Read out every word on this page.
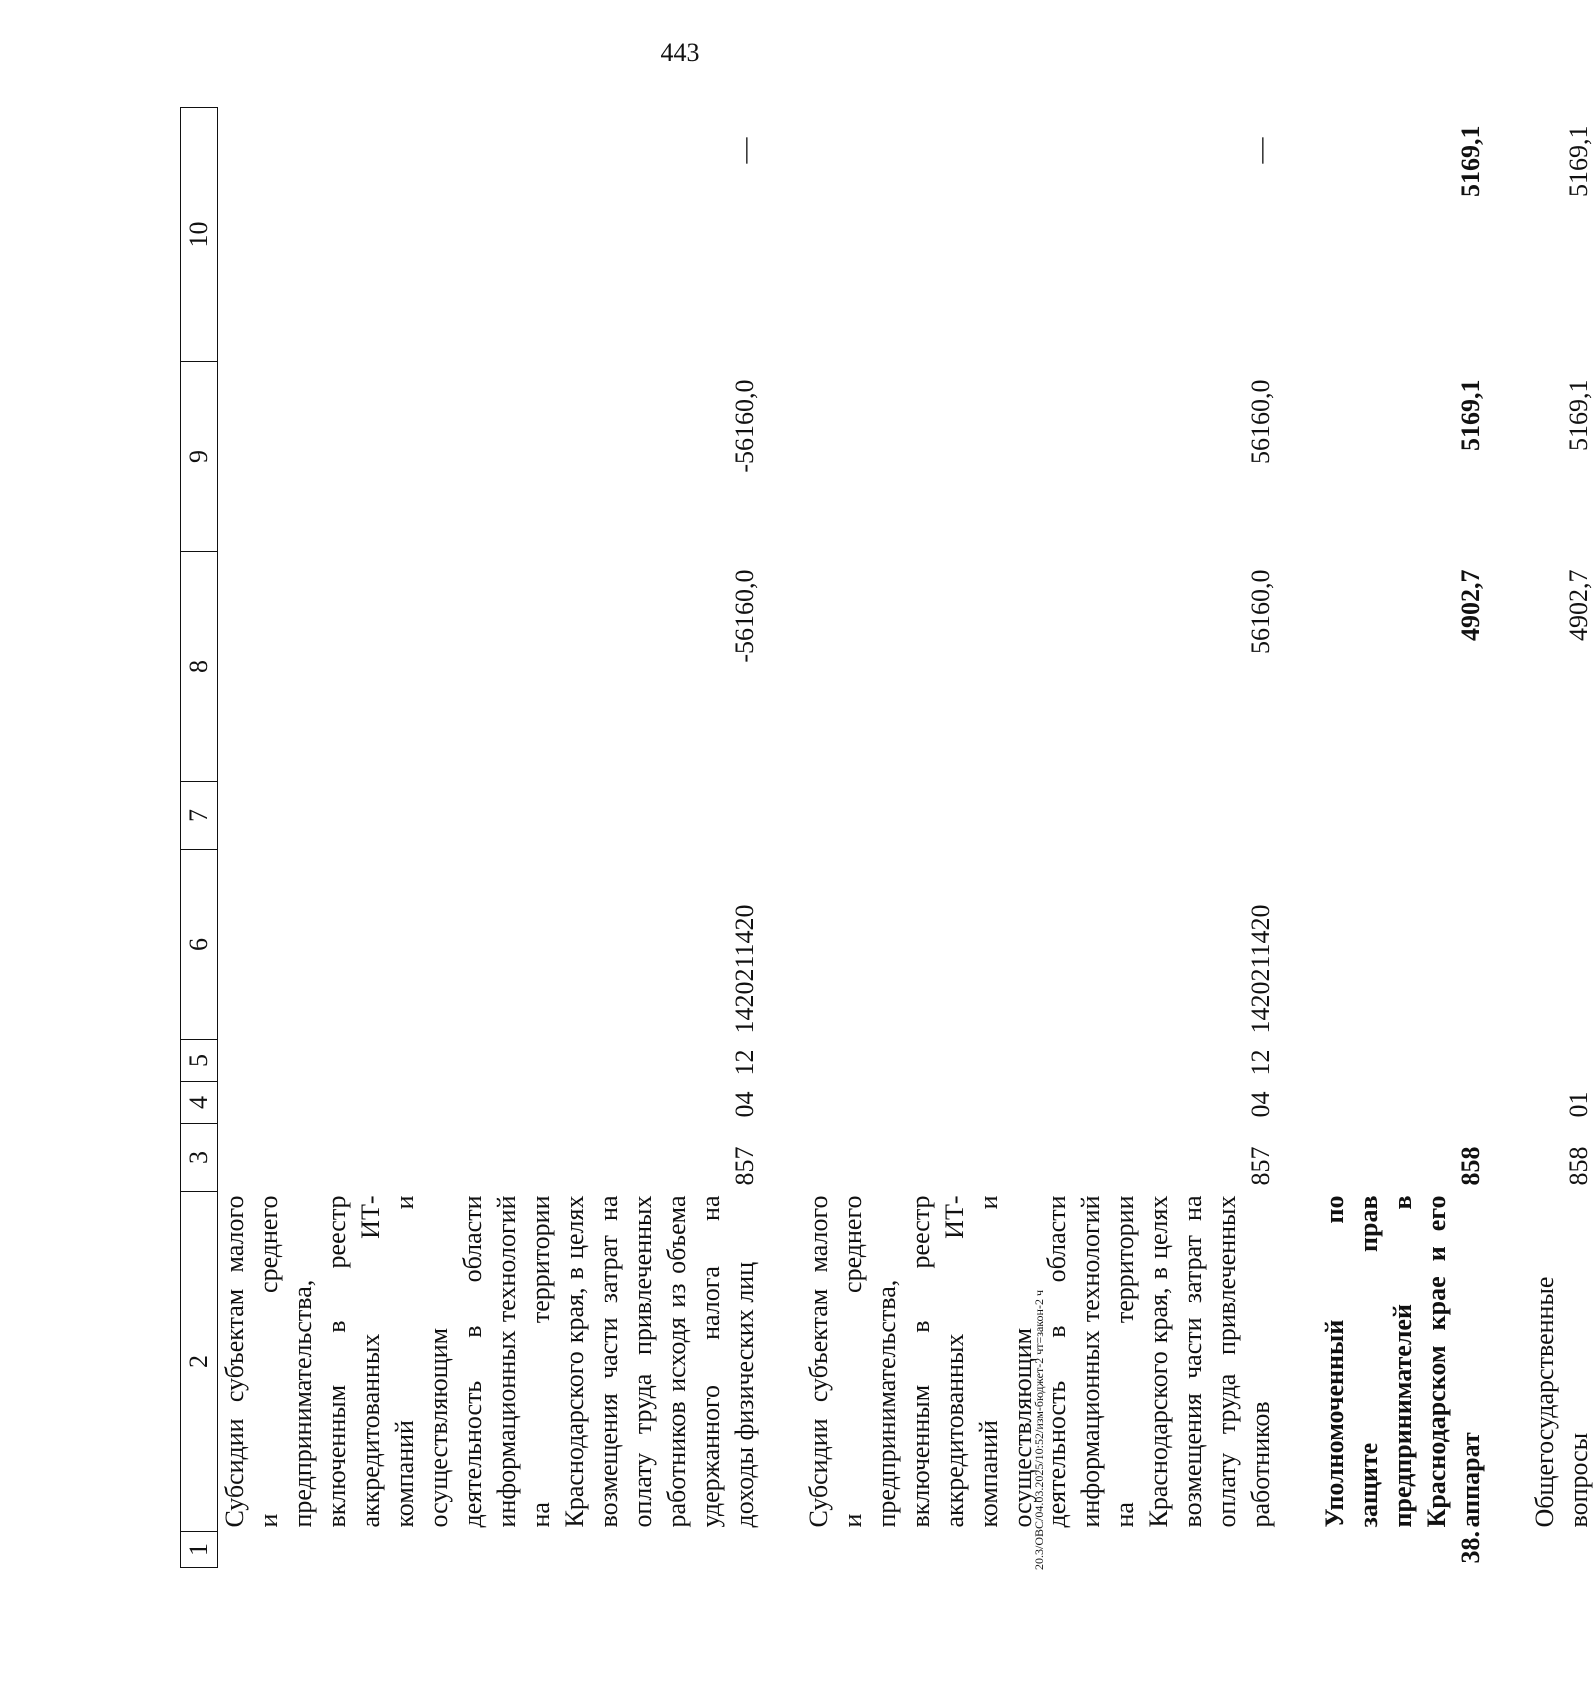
443
1	2	3	4	5	6	7	8	9	10
	Субсидии субъектам малого и среднего предпринимательства, включенным в реестр аккредитованных ИТ-компаний и осуществляющим деятельность в области информационных технологий на территории Краснодарского края, в целях возмещения части затрат на оплату труда привлеченных работников исходя из объема удержанного налога на доходы физических лиц	857	04	12	1420211420		-56160,0	-56160,0	—

	Субсидии субъектам малого и среднего предпринимательства, включенным в реестр аккредитованных ИТ-компаний и осуществляющим деятельность в области информационных технологий на территории Краснодарского края, в целях возмещения части затрат на оплату труда привлеченных работников	857	04	12	1420211420		56160,0	56160,0	—

38.	Уполномоченный по защите прав предпринимателей в Краснодарском крае и его аппарат	858					4902,7	5169,1	5169,1

	Общегосударственные вопросы	858	01				4902,7	5169,1	5169,1
20.3/ОВС/04.03.2025/10:52/изм-бюджет-2 чт=закон-2 ч
